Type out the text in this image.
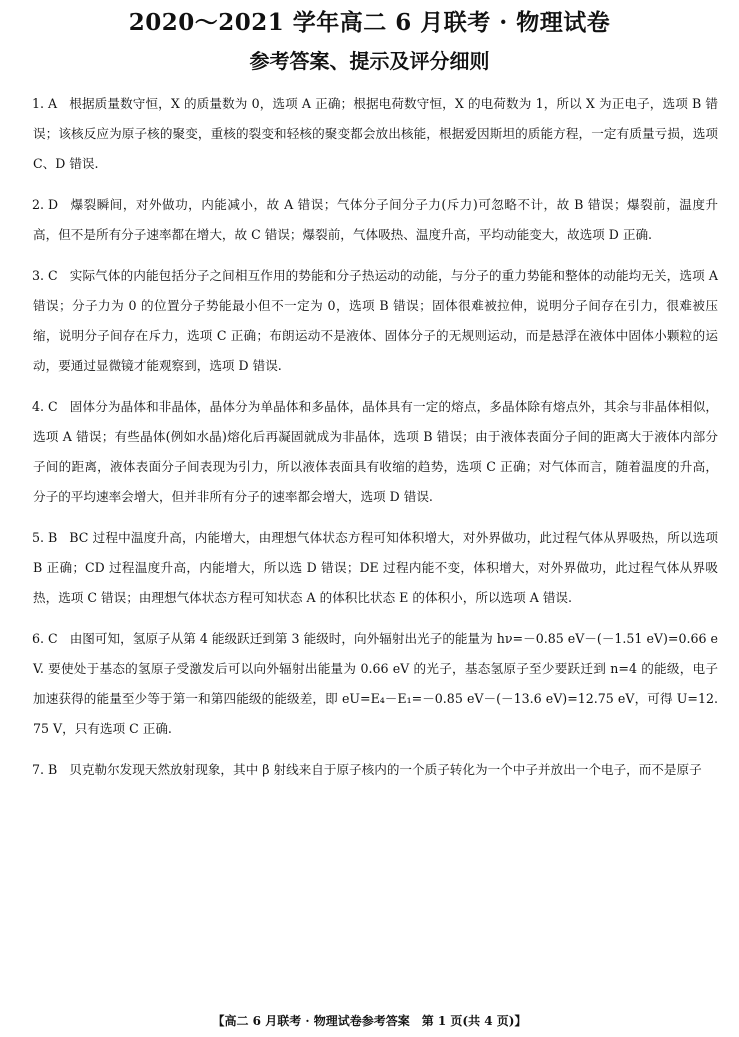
2020～2021 学年高二 6 月联考 · 物理试卷
参考答案、提示及评分细则
1. A 根据质量数守恒，X 的质量数为 0，选项 A 正确；根据电荷数守恒，X 的电荷数为 1，所以 X 为正电子，选项 B 错误；该核反应为原子核的聚变，重核的裂变和轻核的聚变都会放出核能，根据爱因斯坦的质能方程，一定有质量亏损，选项 C、D 错误.
2. D 爆裂瞬间，对外做功，内能减小，故 A 错误；气体分子间分子力(斥力)可忽略不计，故 B 错误；爆裂前，温度升高，但不是所有分子速率都在增大，故 C 错误；爆裂前，气体吸热、温度升高，平均动能变大，故选项 D 正确.
3. C 实际气体的内能包括分子之间相互作用的势能和分子热运动的动能，与分子的重力势能和整体的动能均无关，选项 A 错误；分子力为 0 的位置分子势能最小但不一定为 0，选项 B 错误；固体很难被拉伸，说明分子间存在引力，很难被压缩，说明分子间存在斥力，选项 C 正确；布朗运动不是液体、固体分子的无规则运动，而是悬浮在液体中固体小颗粒的运动，要通过显微镜才能观察到，选项 D 错误.
4. C 固体分为晶体和非晶体，晶体分为单晶体和多晶体，晶体具有一定的熔点，多晶体除有熔点外，其余与非晶体相似，选项 A 错误；有些晶体(例如水晶)熔化后再凝固就成为非晶体，选项 B 错误；由于液体表面分子间的距离大于液体内部分子间的距离，液体表面分子间表现为引力，所以液体表面具有收缩的趋势，选项 C 正确；对气体而言，随着温度的升高，分子的平均速率会增大，但并非所有分子的速率都会增大，选项 D 错误.
5. B BC 过程中温度升高，内能增大，由理想气体状态方程可知体积增大，对外界做功，此过程气体从界吸热，所以选项 B 正确；CD 过程温度升高，内能增大，所以选 D 错误；DE 过程内能不变，体积增大，对外界做功，此过程气体从界吸热，选项 C 错误；由理想气体状态方程可知状态 A 的体积比状态 E 的体积小，所以选项 A 错误.
6. C 由图可知，氢原子从第 4 能级跃迁到第 3 能级时，向外辐射出光子的能量为 hν=－0.85 eV－(－1.51 eV)=0.66 eV. 要使处于基态的氢原子受激发后可以向外辐射出能量为 0.66 eV 的光子，基态氢原子至少要跃迁到 n=4 的能级，电子加速获得的能量至少等于第一和第四能级的能级差，即 eU=E₄－E₁=－0.85 eV－(－13.6 eV)=12.75 eV，可得 U=12.75 V，只有选项 C 正确.
7. B 贝克勒尔发现天然放射现象，其中 β 射线来自于原子核内的一个质子转化为一个中子并放出一个电子，而不是原子
【高二 6 月联考 · 物理试卷参考答案　第 1 页(共 4 页)】
